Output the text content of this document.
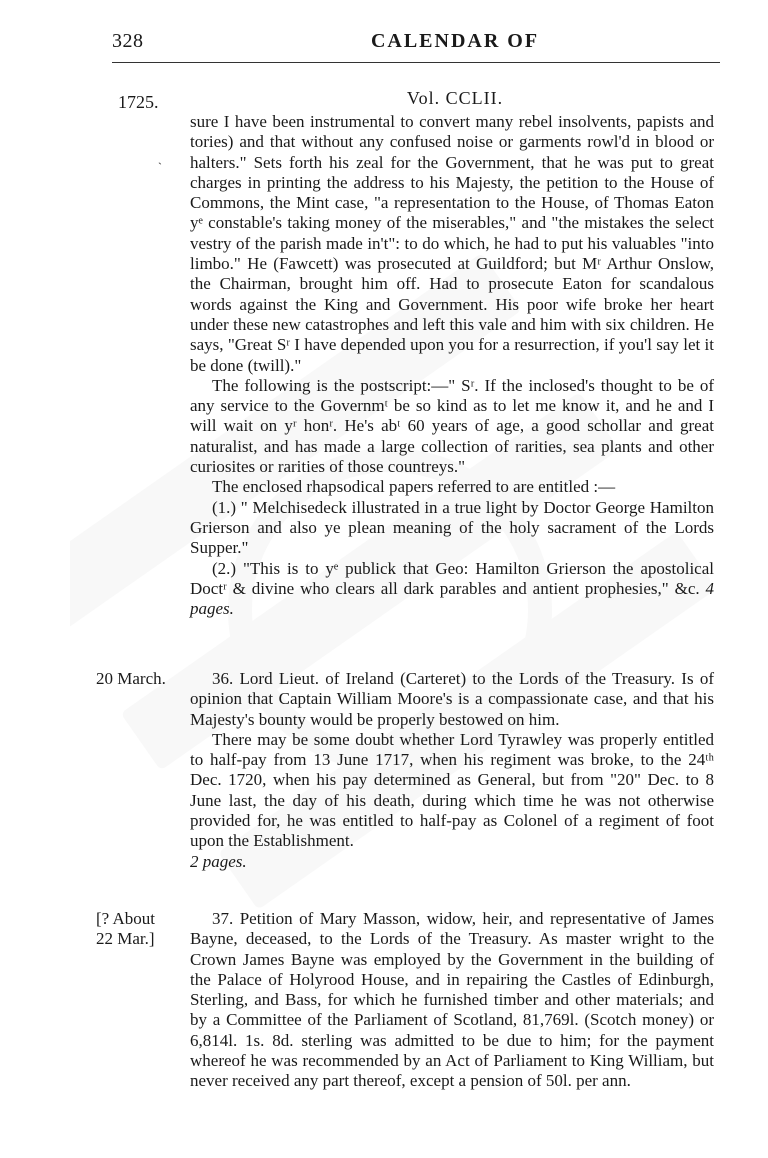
328	CALENDAR OF
1725.	Vol. CCLII.
`

sure I have been instrumental to convert many rebel insolvents, papists and tories) and that without any confused noise or garments rowl'd in blood or halters." Sets forth his zeal for the Government, that he was put to great charges in printing the address to his Majesty, the petition to the House of Commons, the Mint case, "a representation to the House, of Thomas Eaton yᵉ constable's taking money of the miserables," and "the mistakes the select vestry of the parish made in't": to do which, he had to put his valuables "into limbo." He (Fawcett) was prosecuted at Guildford; but Mʳ Arthur Onslow, the Chairman, brought him off. Had to prosecute Eaton for scandalous words against the King and Government. His poor wife broke her heart under these new catastrophes and left this vale and him with six children. He says, "Great Sʳ I have depended upon you for a resurrection, if you'l say let it be done (twill)."

The following is the postscript:—" Sʳ. If the inclosed's thought to be of any service to the Governmᵗ be so kind as to let me know it, and he and I will wait on yʳ honʳ. He's abᵗ 60 years of age, a good schollar and great naturalist, and has made a large collection of rarities, sea plants and other curiosites or rarities of those countreys."

The enclosed rhapsodical papers referred to are entitled :—

(1.) " Melchisedeck illustrated in a true light by Doctor George Hamilton Grierson and also ye plean meaning of the holy sacrament of the Lords Supper."

(2.) "This is to yᵉ publick that Geo: Hamilton Grierson the apostolical Doctʳ & divine who clears all dark parables and antient prophesies," &c. 4 pages.

20 March.	36. Lord Lieut. of Ireland (Carteret) to the Lords of the Treasury. Is of opinion that Captain William Moore's is a compassionate case, and that his Majesty's bounty would be properly bestowed on him.

There may be some doubt whether Lord Tyrawley was properly entitled to half-pay from 13 June 1717, when his regiment was broke, to the 24ᵗʰ Dec. 1720, when his pay determined as General, but from "20" Dec. to 8 June last, the day of his death, during which time he was not otherwise provided for, he was entitled to half-pay as Colonel of a regiment of foot upon the Establishment.

2 pages.

[? About
22 Mar.]

37. Petition of Mary Masson, widow, heir, and representative of James Bayne, deceased, to the Lords of the Treasury. As master wright to the Crown James Bayne was employed by the Government in the building of the Palace of Holyrood House, and in repairing the Castles of Edinburgh, Sterling, and Bass, for which he furnished timber and other materials; and by a Committee of the Parliament of Scotland, 81,769l. (Scotch money) or 6,814l. 1s. 8d. sterling was admitted to be due to him; for the payment whereof he was recommended by an Act of Parliament to King William, but never received any part thereof, except a pension of 50l. per ann.
